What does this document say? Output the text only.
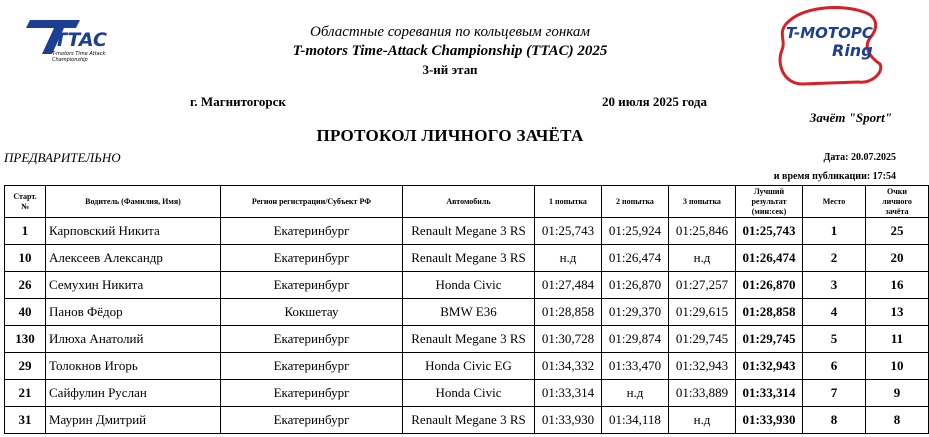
TTAC
T-motors Time Attack
Championship
T-МОТОРС
Ring
Областные соревания по кольцевым гонкам
T-motors Time-Attack Championship (TTAC) 2025
3-ий этап
г. Магнитогорск	20 июля 2025 года
Зачёт "Sport"
ПРОТОКОЛ ЛИЧНОГО ЗАЧЁТА
ПРЕДВАРИТЕЛЬНО	Дата: 20.07.2025
и время публикации: 17:54
Старт.
№	Водитель (Фамилия, Имя)	Регион регистрации/Субъект РФ	Автомобиль	1 попытка	2 попытка	3 попытка	Лучший
результат
(мин:сек)	Место	Очки
личного
зачёта
1	Карповский Никита	Екатеринбург	Renault Megane 3 RS	01:25,743	01:25,924	01:25,846	01:25,743	1	25
10	Алексеев Александр	Екатеринбург	Renault Megane 3 RS	н.д	01:26,474	н.д	01:26,474	2	20
26	Семухин Никита	Екатеринбург	Honda Civic	01:27,484	01:26,870	01:27,257	01:26,870	3	16
40	Панов Фёдор	Кокшетау	BMW E36	01:28,858	01:29,370	01:29,615	01:28,858	4	13
130	Илюха Анатолий	Екатеринбург	Renault Megane 3 RS	01:30,728	01:29,874	01:29,745	01:29,745	5	11
29	Толокнов Игорь	Екатеринбург	Honda Civic EG	01:34,332	01:33,470	01:32,943	01:32,943	6	10
21	Сайфулин Руслан	Екатеринбург	Honda Civic	01:33,314	н.д	01:33,889	01:33,314	7	9
31	Маурин Дмитрий	Екатеринбург	Renault Megane 3 RS	01:33,930	01:34,118	н.д	01:33,930	8	8
